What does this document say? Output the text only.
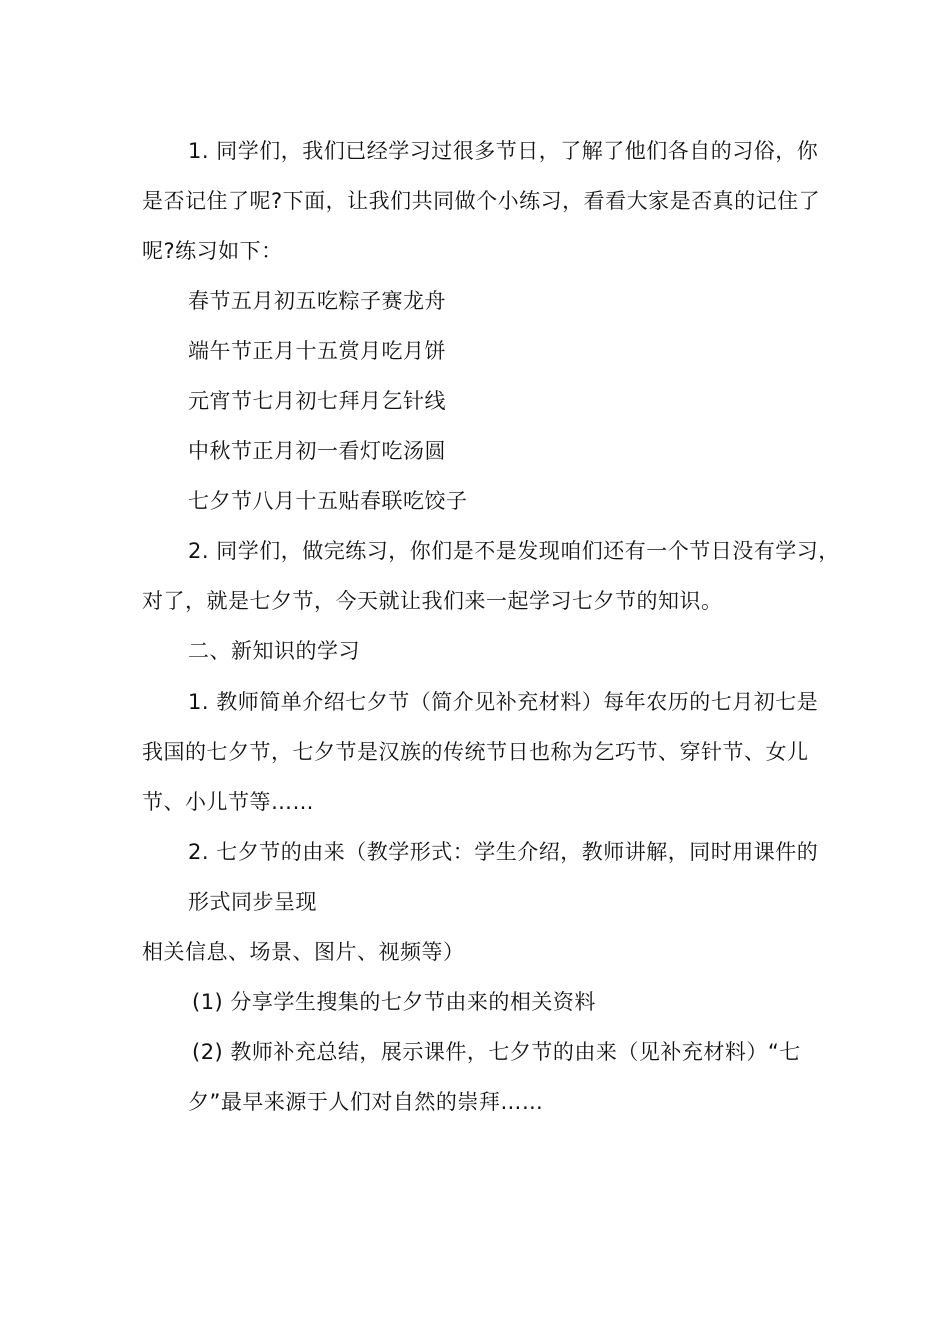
1. 同学们，我们已经学习过很多节日，了解了他们各自的习俗，你
是否记住了呢?下面，让我们共同做个小练习，看看大家是否真的记住了
呢?练习如下：
春节五月初五吃粽子赛龙舟
端午节正月十五赏月吃月饼
元宵节七月初七拜月乞针线
中秋节正月初一看灯吃汤圆
七夕节八月十五贴春联吃饺子
2. 同学们，做完练习，你们是不是发现咱们还有一个节日没有学习，
对了，就是七夕节，今天就让我们来一起学习七夕节的知识。
二、新知识的学习
1. 教师简单介绍七夕节（简介见补充材料）每年农历的七月初七是
我国的七夕节，七夕节是汉族的传统节日也称为乞巧节、穿针节、女儿
节、小儿节等……
2. 七夕节的由来（教学形式：学生介绍，教师讲解，同时用课件的
形式同步呈现
相关信息、场景、图片、视频等）
(1) 分享学生搜集的七夕节由来的相关资料
(2) 教师补充总结，展示课件，七夕节的由来（见补充材料）“七
夕”最早来源于人们对自然的崇拜……
